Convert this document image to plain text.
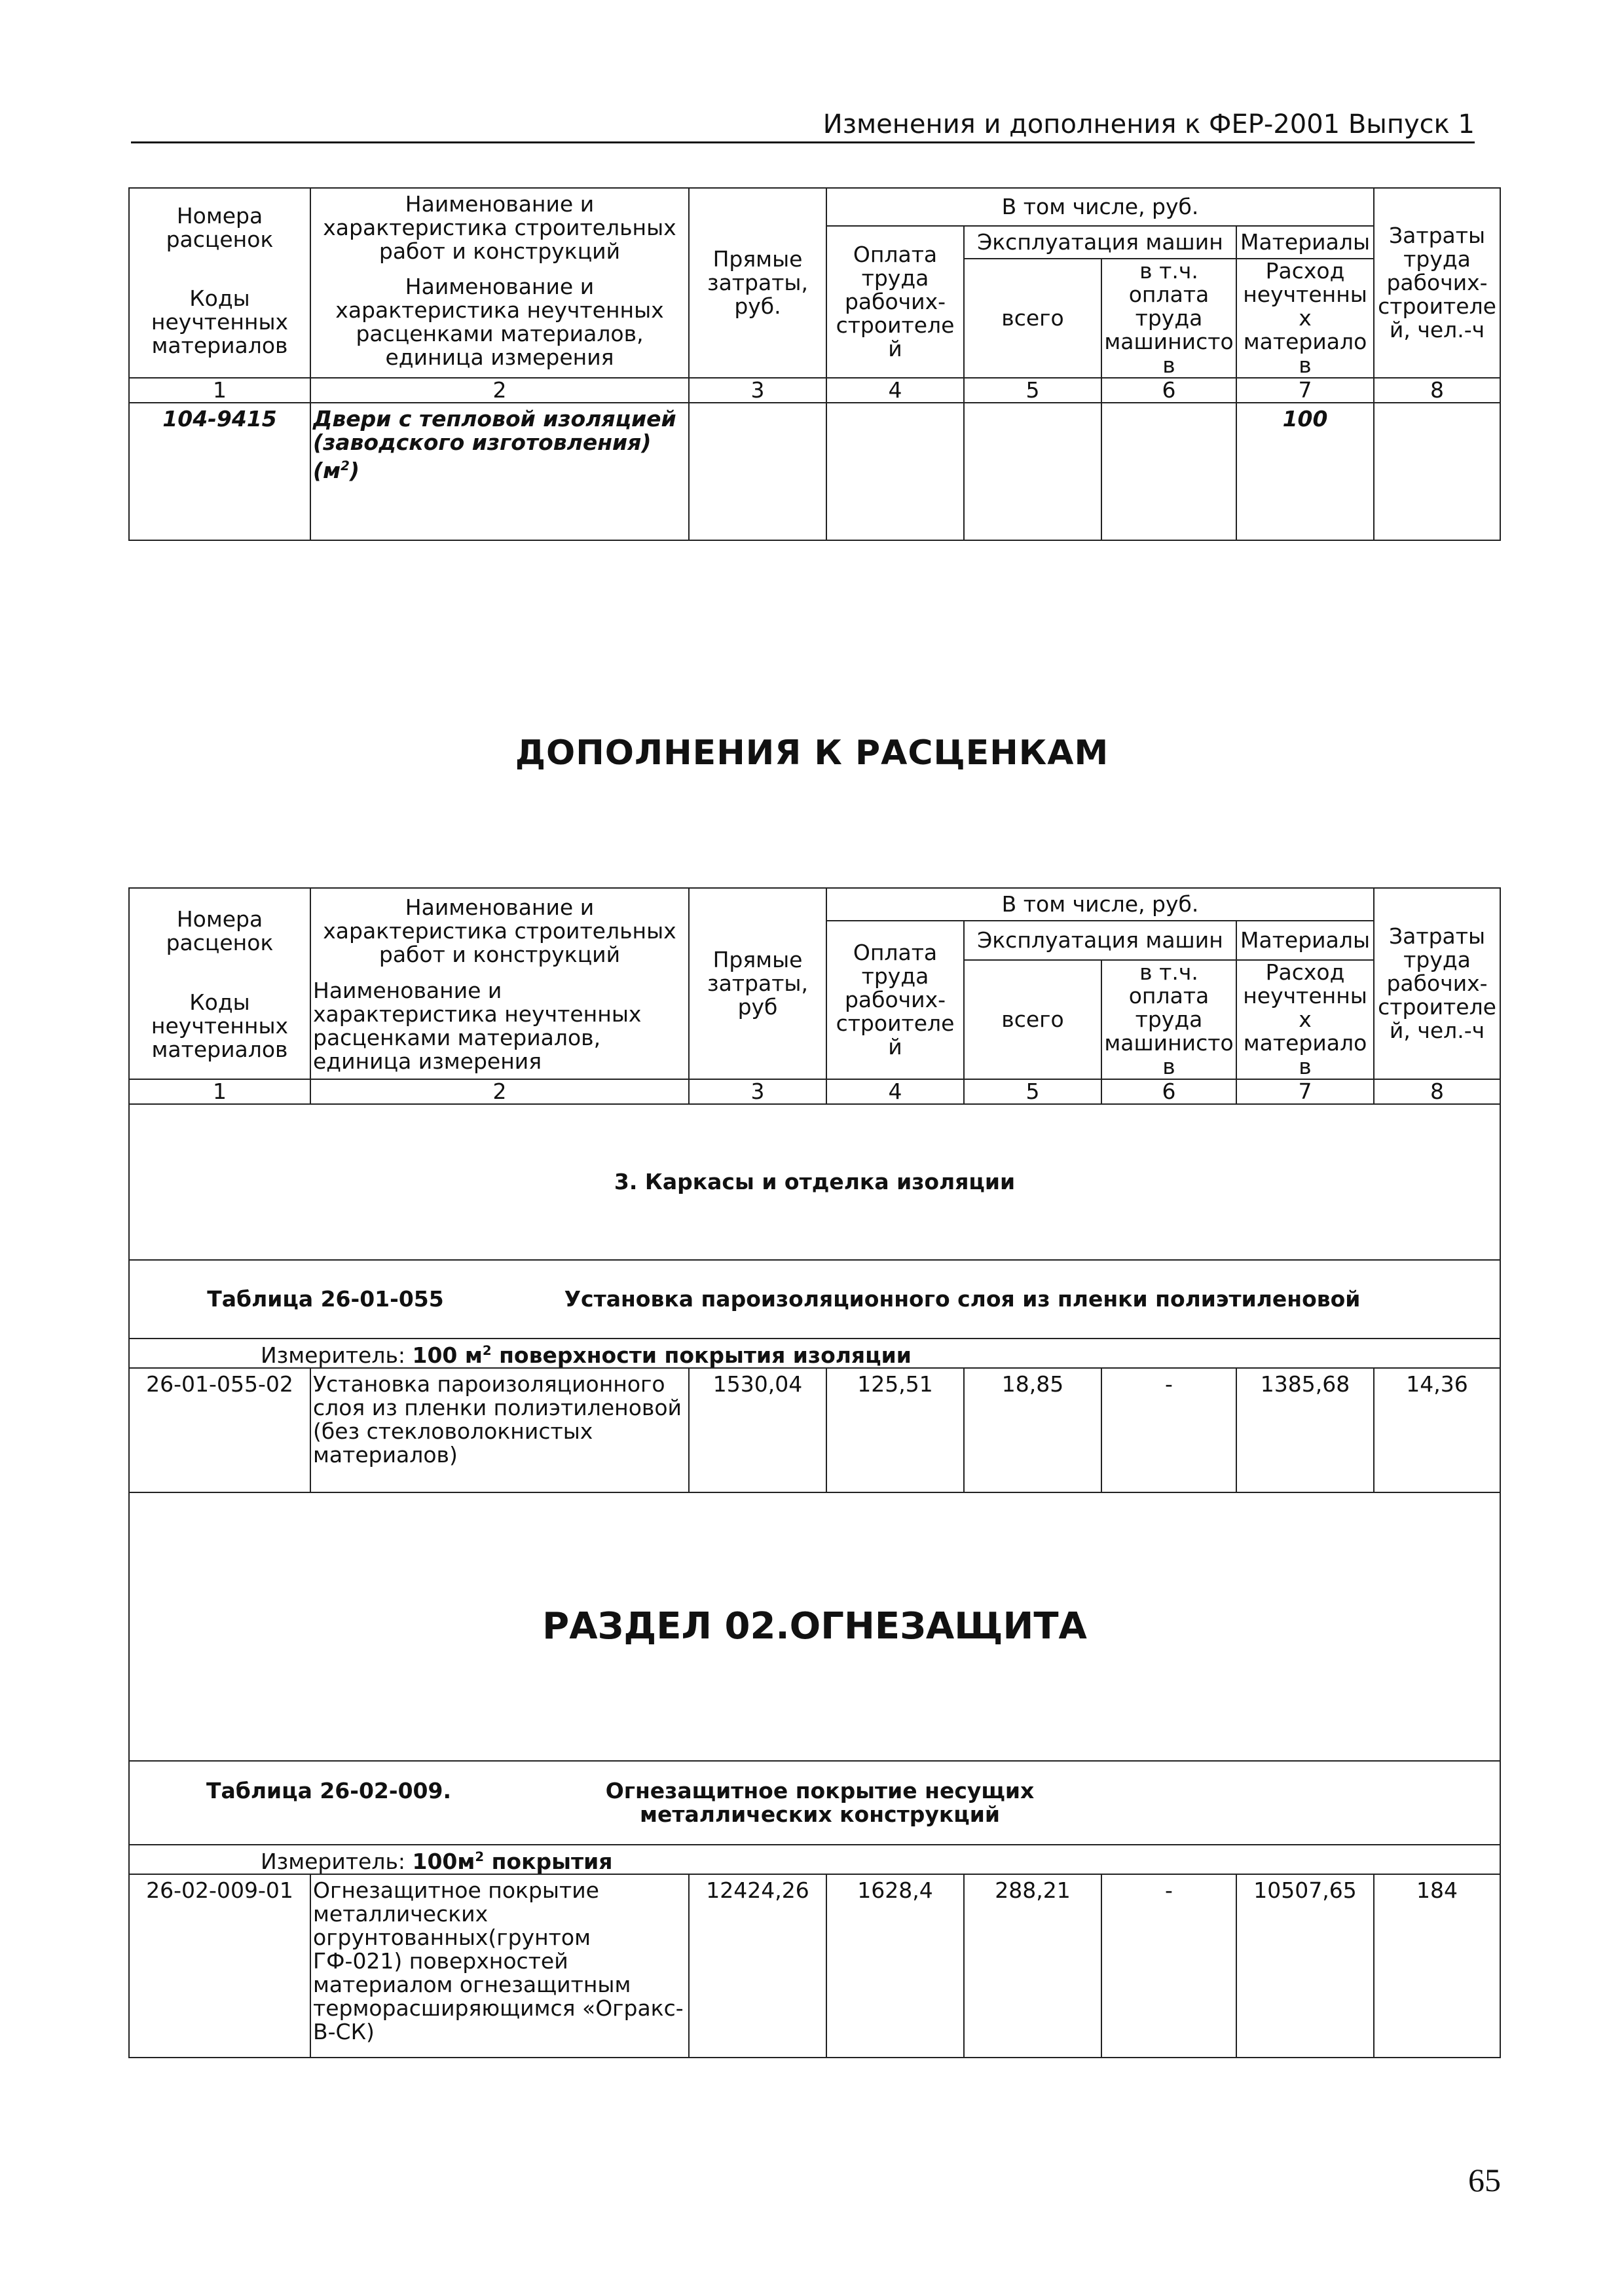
Изменения и дополнения к ФЕР-2001 Выпуск 1
Номера расценок	Наименование и характеристика строительных работ и конструкций	Прямые затраты, руб.	В том числе, руб.				Затраты труда рабочих-строителей, чел.-ч
			Оплата труда рабочих-строителей	Эксплуатация машин		Материалы	
				всего	в т.ч. оплата труда машинистов	Расход неучтенных материалов	
Коды неучтенных материалов	Наименование и характеристика неучтенных расценками материалов, единица измерения						

1	2	3	4	5	6	7	8
104-9415	Двери с тепловой изоляцией (заводского изготовления) $(м^2)$					100	
ДОПОЛНЕНИЯ К РАСЦЕНКАМ
Номера расценок	Наименование и характеристика строительных работ и конструкций	Прямые затраты, руб	В том числе, руб.				Затраты труда рабочих-строителей, чел.-ч
			Оплата труда рабочих-строителей	Эксплуатация машин		Материалы	
				всего	в т.ч. оплата труда машинистов	Расход неучтенных материалов	
Коды неучтенных материалов	Наименование и характеристика неучтенных расценками материалов, единица измерения						

1	2	3	4	5	6	7	8
3. Каркасы и отделка изоляции							

Таблица 26-01-055 Установка пароизоляционного слоя из пленки полиэтиленовой							

Измеритель: 100 $м^2$ поверхности покрытия изоляции							
26-01-055-02	Установка пароизоляционного слоя из пленки полиэтиленовой (без стекловолокнистых материалов)	1530,04	125,51	18,85	-	1385,68	14,36
РАЗДЕЛ 02.ОГНЕЗАЩИТА							

Таблица 26-02-009. Огнезащитное покрытие несущих металлических конструкций							

Измеритель: $100м^2$ покрытия							
26-02-009-01	Огнезащитное покрытие металлических огрунтованных(грунтом ГФ-021) поверхностей материалом огнезащитным терморасширяющимся «Огракс-В-СК)	12424,26	1628,4	288,21	-	10507,65	184
65
